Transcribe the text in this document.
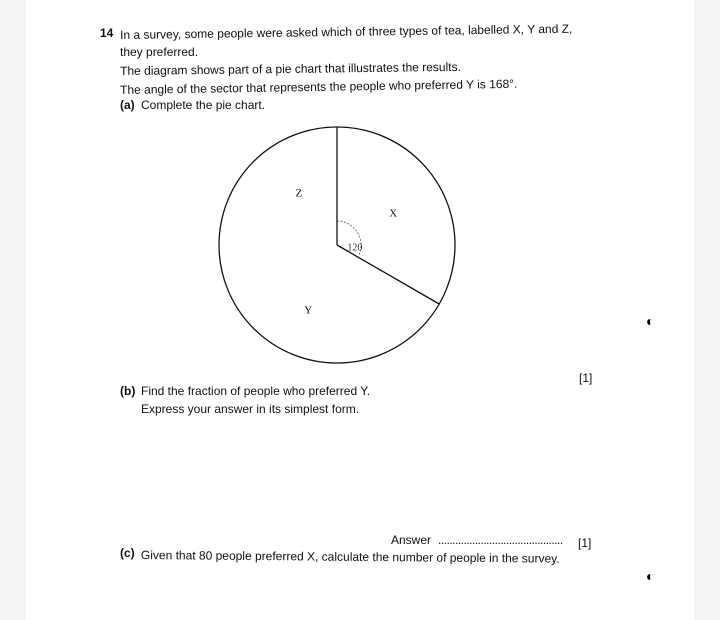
14 In a survey, some people were asked which of three types of tea, labelled X, Y and Z,
they preferred.
The diagram shows part of a pie chart that illustrates the results.
The angle of the sector that represents the people who preferred Y is 168°.
(a) Complete the pie chart.
120
X
Y
Z
[1]
(b) Find the fraction of people who preferred Y.
Express your answer in its simplest form.
Answer ............................................ [1]
(c) Given that 80 people preferred X, calculate the number of people in the survey.
◐
◐
